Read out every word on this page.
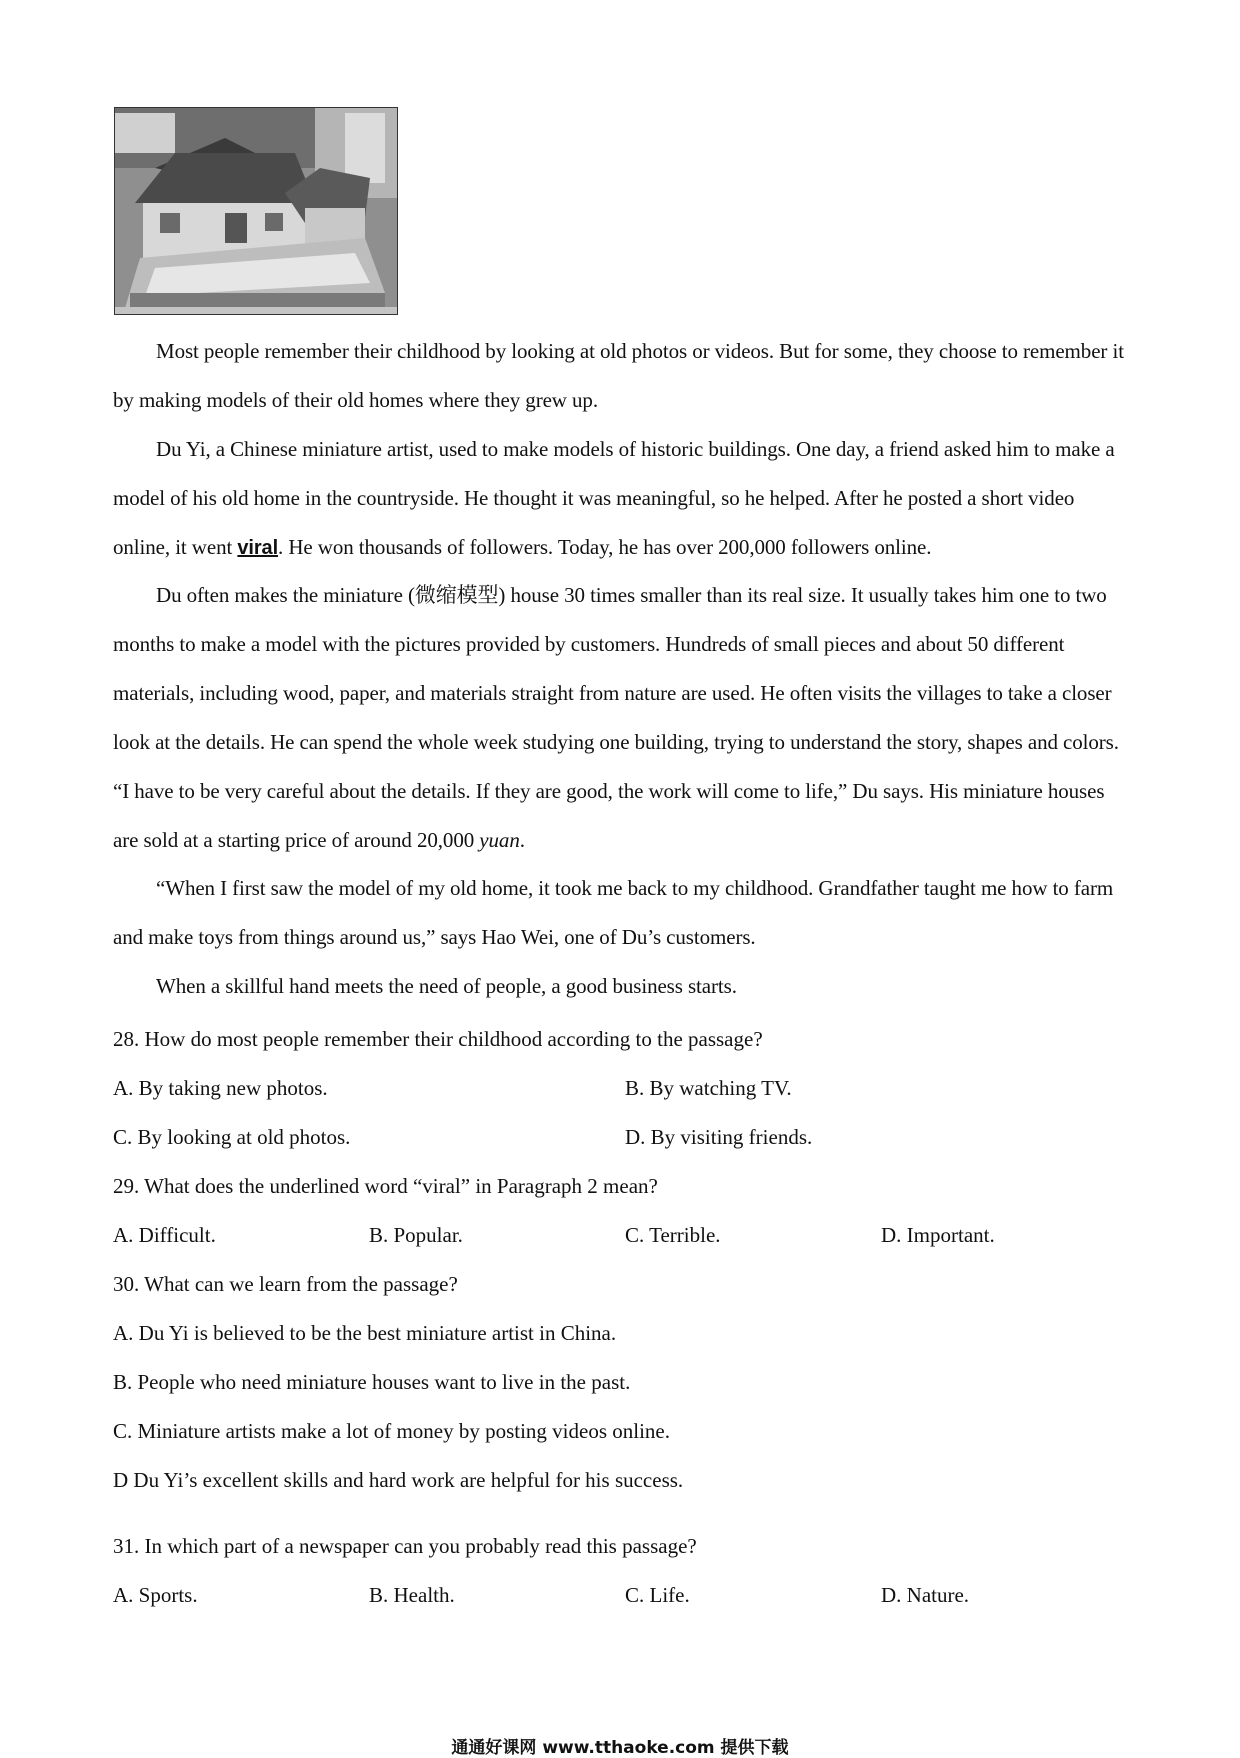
Most people remember their childhood by looking at old photos or videos. But for some, they choose to remember it by making models of their old homes where they grew up.

Du Yi, a Chinese miniature artist, used to make models of historic buildings. One day, a friend asked him to make a model of his old home in the countryside. He thought it was meaningful, so he helped. After he posted a short video online, it went viral. He won thousands of followers. Today, he has over 200,000 followers online.

Du often makes the miniature (微缩模型) house 30 times smaller than its real size. It usually takes him one to two months to make a model with the pictures provided by customers. Hundreds of small pieces and about 50 different materials, including wood, paper, and materials straight from nature are used. He often visits the villages to take a closer look at the details. He can spend the whole week studying one building, trying to understand the story, shapes and colors. “I have to be very careful about the details. If they are good, the work will come to life,” Du says. His miniature houses are sold at a starting price of around 20,000 yuan.

“When I first saw the model of my old home, it took me back to my childhood. Grandfather taught me how to farm and make toys from things around us,” says Hao Wei, one of Du’s customers.

When a skillful hand meets the need of people, a good business starts.

28. How do most people remember their childhood according to the passage?

A. By taking new photos.	B. By watching TV.
C. By looking at old photos.	D. By visiting friends.

29. What does the underlined word “viral” in Paragraph 2 mean?

A. Difficult.	B. Popular.	C. Terrible.	D. Important.

30. What can we learn from the passage?

A. Du Yi is believed to be the best miniature artist in China.
B. People who need miniature houses want to live in the past.
C. Miniature artists make a lot of money by posting videos online.
D Du Yi’s excellent skills and hard work are helpful for his success.

31. In which part of a newspaper can you probably read this passage?

A. Sports.	B. Health.	C. Life.	D. Nature.
通通好课网 www.tthaoke.com 提供下载
